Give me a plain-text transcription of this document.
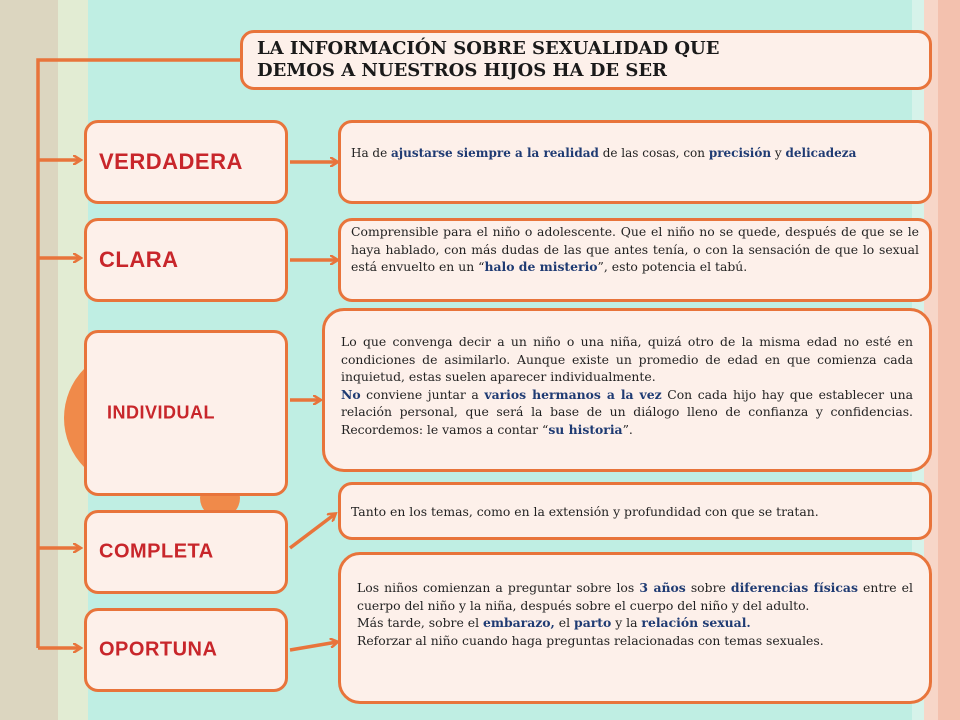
LA INFORMACIÓN SOBRE SEXUALIDAD QUE
DEMOS A NUESTROS HIJOS HA DE SER
VERDADERA
CLARA
INDIVIDUAL
COMPLETA
OPORTUNA
Ha de ajustarse siempre a la realidad de las cosas, con precisión y delicadeza
Comprensible para el niño o adolescente. Que el niño no se quede, después de que se le haya hablado, con más dudas de las que antes tenía, o con la sensación de que lo sexual está envuelto en un “halo de misterio”, esto potencia el tabú.
Lo que convenga decir a un niño o una niña, quizá otro de la misma edad no esté en condiciones de asimilarlo. Aunque existe un promedio de edad en que comienza cada inquietud, estas suelen aparecer individualmente.
No conviene juntar a varios hermanos a la vez Con cada hijo hay que establecer una relación personal, que será la base de un diálogo lleno de confianza y confidencias. Recordemos: le vamos a contar “su historia”.
Tanto en los temas, como en la extensión y profundidad con que se tratan.
Los niños comienzan a preguntar sobre los 3 años sobre diferencias físicas entre el cuerpo del niño y la niña, después sobre el cuerpo del niño y del adulto.
Más tarde, sobre el embarazo, el parto y la relación sexual.
Reforzar al niño cuando haga preguntas relacionadas con temas sexuales.
